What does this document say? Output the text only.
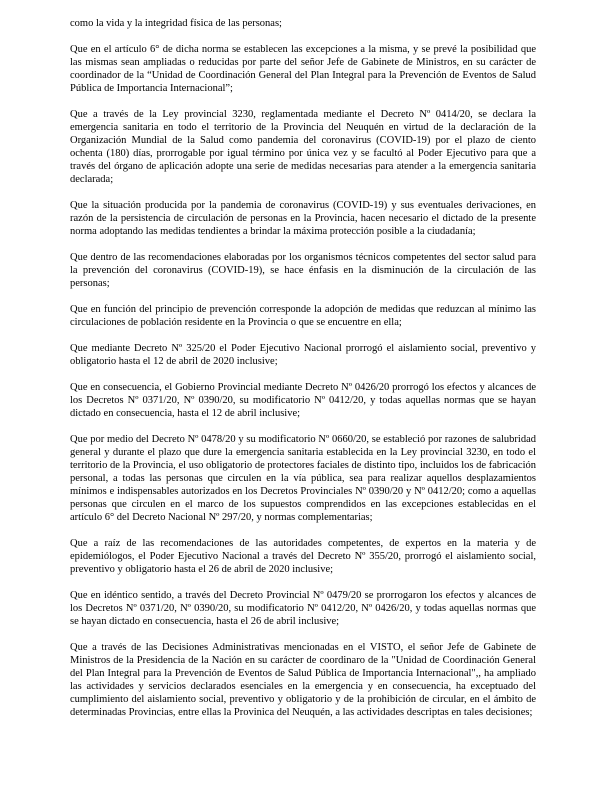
como la vida y la integridad física de las personas;

Que en el artículo 6° de dicha norma se establecen las excepciones a la misma, y se prevé la posibilidad que las mismas sean ampliadas o reducidas por parte del señor Jefe de Gabinete de Ministros, en su carácter de coordinador de la “Unidad de Coordinación General del Plan Integral para la Prevención de Eventos de Salud Pública de Importancia Internacional”;

Que a través de la Ley provincial 3230, reglamentada mediante el Decreto Nº 0414/20, se declara la emergencia sanitaria en todo el territorio de la Provincia del Neuquén en virtud de la declaración de la Organización Mundial de la Salud como pandemia del coronavirus (COVID-19) por el plazo de ciento ochenta (180) días, prorrogable por igual término por única vez y se facultó al Poder Ejecutivo para que a través del órgano de aplicación adopte una serie de medidas necesarias para atender a la emergencia sanitaria declarada;

Que la situación producida por la pandemia de coronavirus (COVID-19) y sus eventuales derivaciones, en razón de la persistencia de circulación de personas en la Provincia, hacen necesario el dictado de la presente norma adoptando las medidas tendientes a brindar la máxima protección posible a la ciudadanía;

Que dentro de las recomendaciones elaboradas por los organismos técnicos competentes del sector salud para la prevención del coronavirus (COVID-19), se hace énfasis en la disminución de la circulación de las personas;

Que en función del principio de prevención corresponde la adopción de medidas que reduzcan al mínimo las circulaciones de población residente en la Provincia o que se encuentre en ella;

Que mediante Decreto Nº 325/20 el Poder Ejecutivo Nacional prorrogó el aislamiento social, preventivo y obligatorio hasta el 12 de abril de 2020 inclusive;

Que en consecuencia, el Gobierno Provincial mediante Decreto Nº 0426/20 prorrogó los efectos y alcances de los Decretos Nº 0371/20, Nº 0390/20, su modificatorio Nº 0412/20, y todas aquellas normas que se hayan dictado en consecuencia, hasta el 12 de abril inclusive;

Que por medio del Decreto Nº 0478/20 y su modificatorio Nº 0660/20, se estableció por razones de salubridad general y durante el plazo que dure la emergencia sanitaria establecida en la Ley provincial 3230, en todo el territorio de la Provincia, el uso obligatorio de protectores faciales de distinto tipo, incluidos los de fabricación personal, a todas las personas que circulen en la vía pública, sea para realizar aquellos desplazamientos mínimos e indispensables autorizados en los Decretos Provinciales Nº 0390/20 y Nº 0412/20; como a aquellas personas que circulen en el marco de los supuestos comprendidos en las excepciones establecidas en el artículo 6° del Decreto Nacional Nº 297/20, y normas complementarias;

Que a raíz de las recomendaciones de las autoridades competentes, de expertos en la materia y de epidemiólogos, el Poder Ejecutivo Nacional a través del Decreto Nº 355/20, prorrogó el aislamiento social, preventivo y obligatorio hasta el 26 de abril de 2020 inclusive;

Que en idéntico sentido, a través del Decreto Provincial Nº 0479/20 se prorrogaron los efectos y alcances de los Decretos Nº 0371/20, Nº 0390/20, su modificatorio Nº 0412/20, Nº 0426/20, y todas aquellas normas que se hayan dictado en consecuencia, hasta el 26 de abril inclusive;

Que a través de las Decisiones Administrativas mencionadas en el VISTO, el señor Jefe de Gabinete de Ministros de la Presidencia de la Nación en su carácter de coordinaro de la "Unidad de Coordinación General del Plan Integral para la Prevención de Eventos de Salud Pública de Importancia Internacional",, ha ampliado las actividades y servicios declarados esenciales en la emergencia y en consecuencia, ha exceptuado del cumplimiento del aislamiento social, preventivo y obligatorio y de la prohibición de circular, en el ámbito de determinadas Provincias, entre ellas la Provinica del Neuquén, a las actividades descriptas en tales decisiones;
